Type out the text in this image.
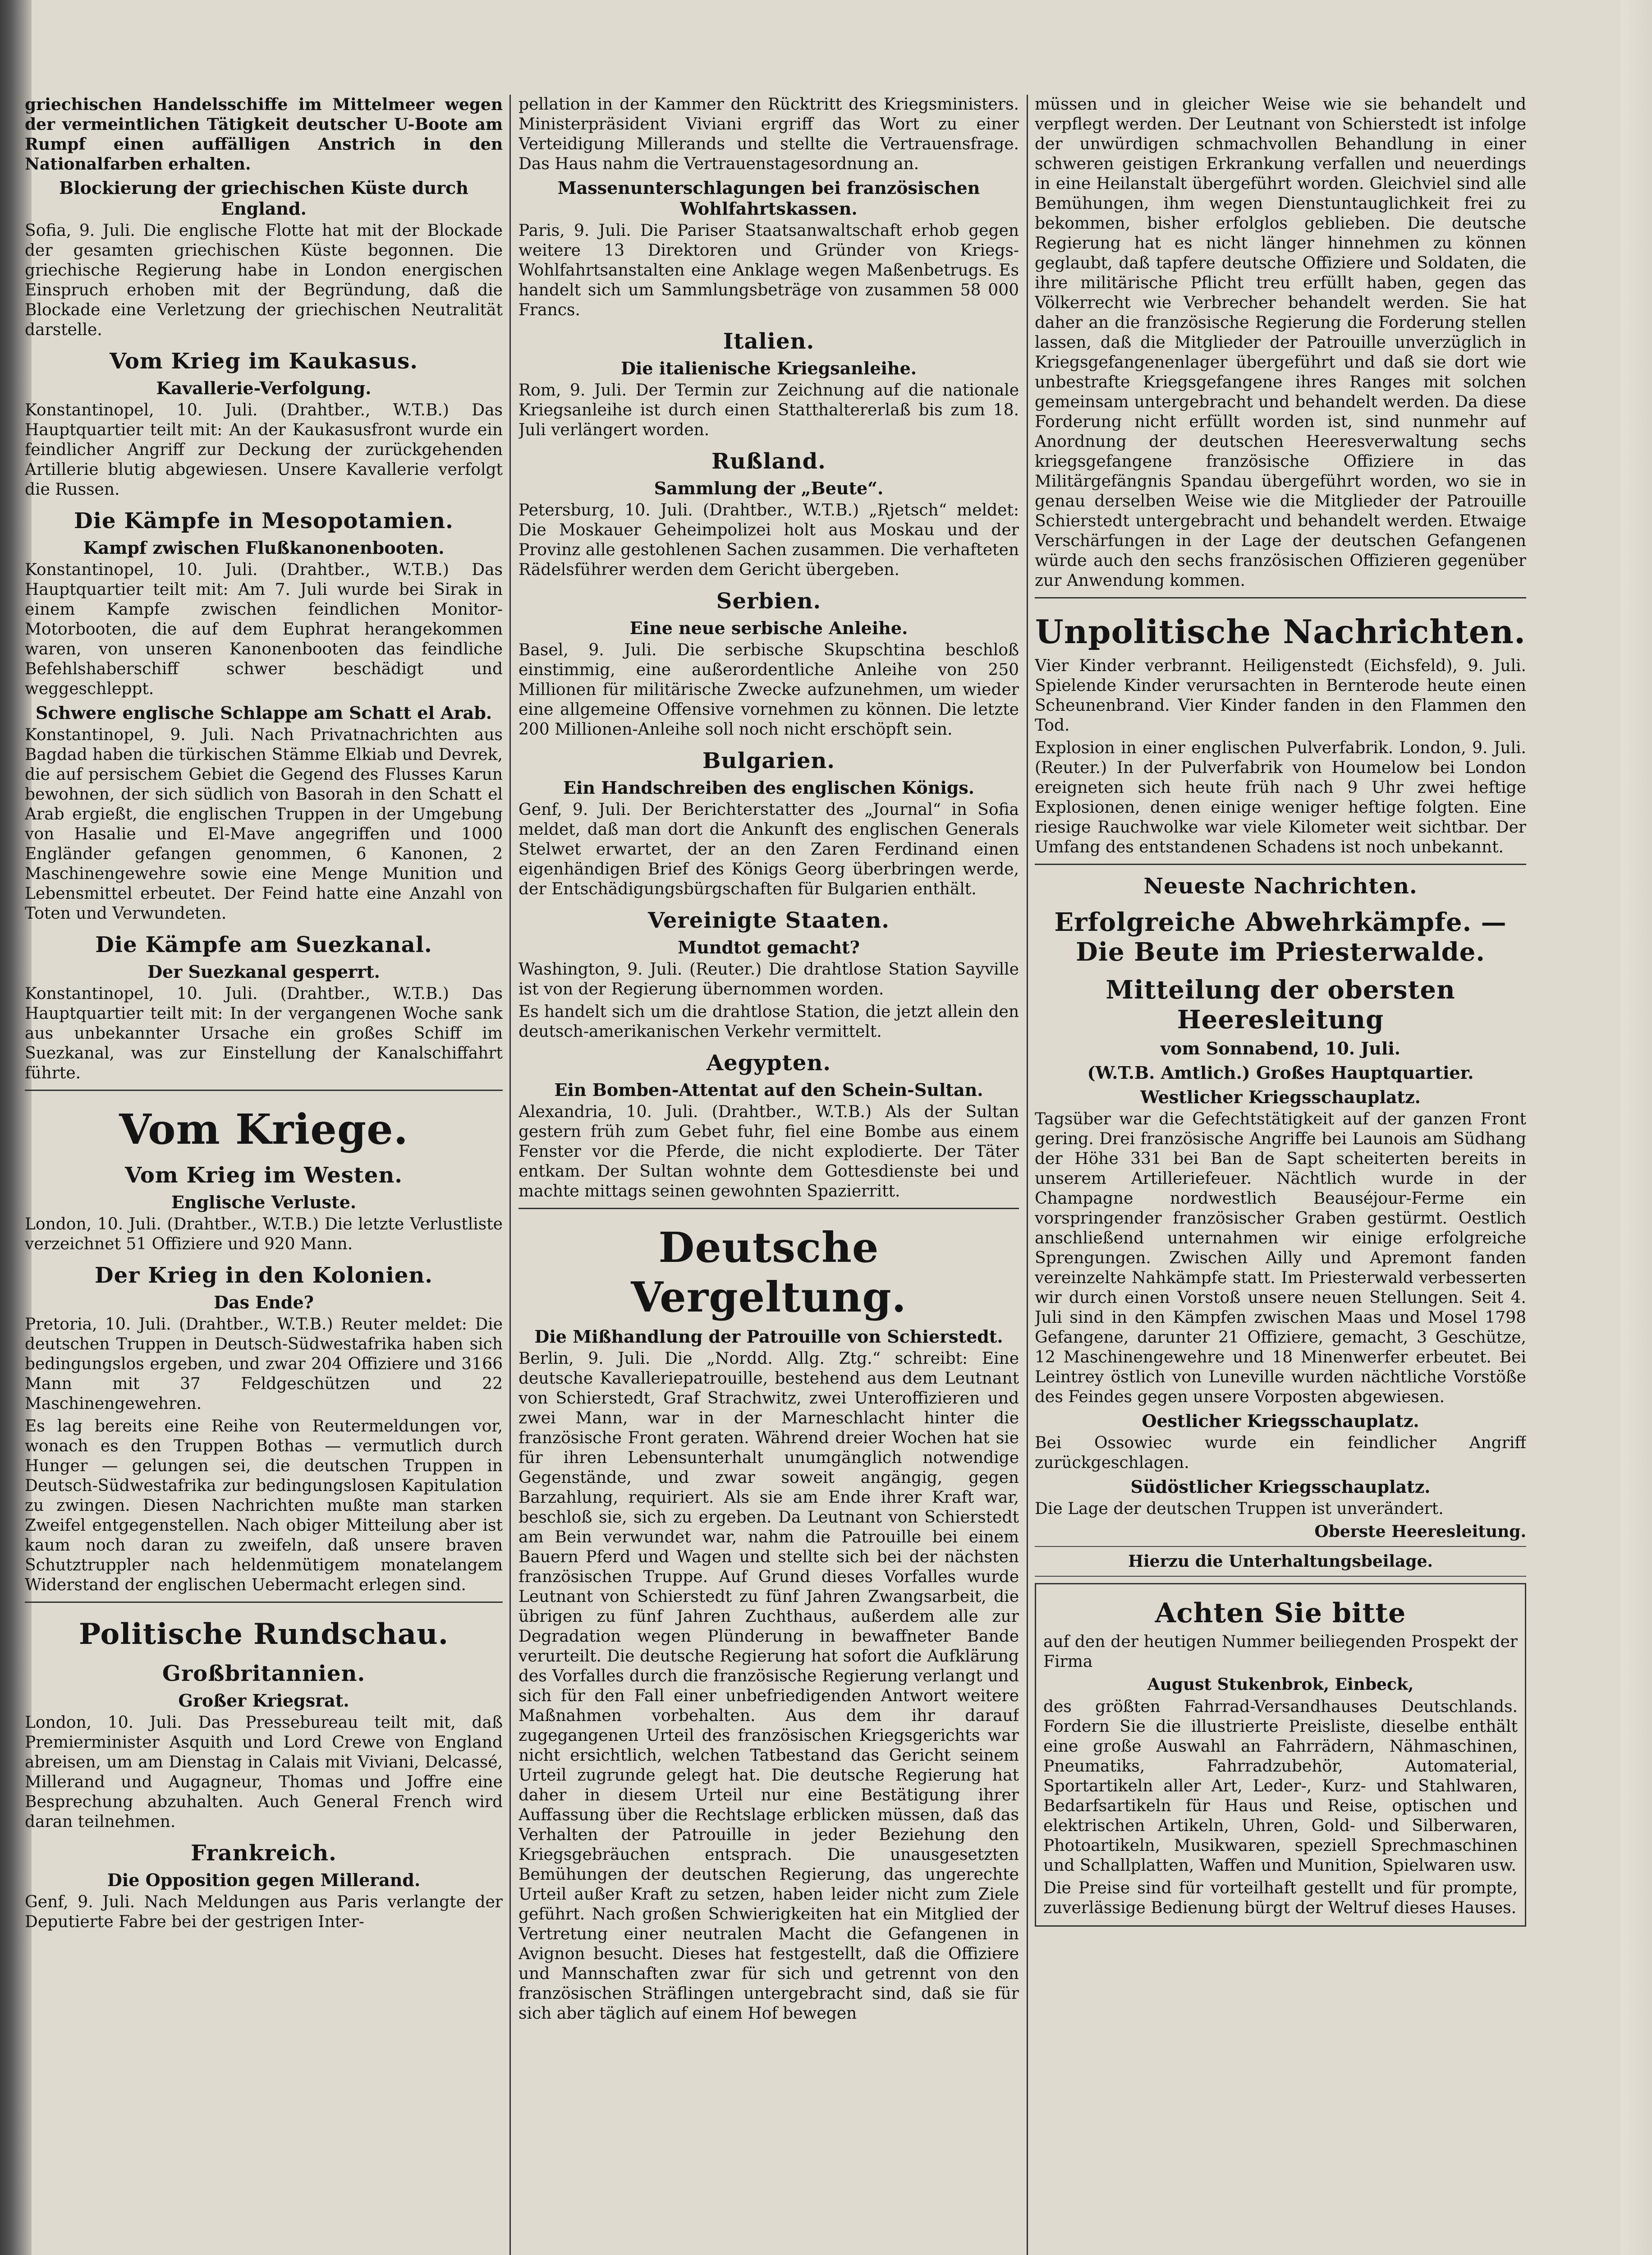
griechischen Handelsschiffe im Mittelmeer wegen der vermeintlichen Tätigkeit deutscher U-Boote am Rumpf einen auffälligen Anstrich in den Nationalfarben erhalten.

Blockierung der griechischen Küste durch England.

Sofia, 9. Juli. Die englische Flotte hat mit der Blockade der gesamten griechischen Küste begonnen. Die griechische Regierung habe in London energischen Einspruch erhoben mit der Begründung, daß die Blockade eine Verletzung der griechischen Neutralität darstelle.

Vom Krieg im Kaukasus.
Kavallerie-Verfolgung.

Konstantinopel, 10. Juli. (Drahtber., W.T.B.) Das Hauptquartier teilt mit: An der Kaukasusfront wurde ein feindlicher Angriff zur Deckung der zurückgehenden Artillerie blutig abgewiesen. Unsere Kavallerie verfolgt die Russen.

Die Kämpfe in Mesopotamien.
Kampf zwischen Flußkanonenbooten.

Konstantinopel, 10. Juli. (Drahtber., W.T.B.) Das Hauptquartier teilt mit: Am 7. Juli wurde bei Sirak in einem Kampfe zwischen feindlichen Monitor-Motorbooten, die auf dem Euphrat herangekommen waren, von unseren Kanonenbooten das feindliche Befehlshaberschiff schwer beschädigt und weggeschleppt.

Schwere englische Schlappe am Schatt el Arab.

Konstantinopel, 9. Juli. Nach Privatnachrichten aus Bagdad haben die türkischen Stämme Elkiab und Devrek, die auf persischem Gebiet die Gegend des Flusses Karun bewohnen, der sich südlich von Basorah in den Schatt el Arab ergießt, die englischen Truppen in der Umgebung von Hasalie und El-Mave angegriffen und 1000 Engländer gefangen genommen, 6 Kanonen, 2 Maschinengewehre sowie eine Menge Munition und Lebensmittel erbeutet. Der Feind hatte eine Anzahl von Toten und Verwundeten.

Die Kämpfe am Suezkanal.
Der Suezkanal gesperrt.

Konstantinopel, 10. Juli. (Drahtber., W.T.B.) Das Hauptquartier teilt mit: In der vergangenen Woche sank aus unbekannter Ursache ein großes Schiff im Suezkanal, was zur Einstellung der Kanalschiffahrt führte.

Vom Kriege.
Vom Krieg im Westen.
Englische Verluste.

London, 10. Juli. (Drahtber., W.T.B.) Die letzte Verlustliste verzeichnet 51 Offiziere und 920 Mann.

Der Krieg in den Kolonien.
Das Ende?

Pretoria, 10. Juli. (Drahtber., W.T.B.) Reuter meldet: Die deutschen Truppen in Deutsch-Südwestafrika haben sich bedingungslos ergeben, und zwar 204 Offiziere und 3166 Mann mit 37 Feldgeschützen und 22 Maschinengewehren.

Es lag bereits eine Reihe von Reutermeldungen vor, wonach es den Truppen Bothas — vermutlich durch Hunger — gelungen sei, die deutschen Truppen in Deutsch-Südwestafrika zur bedingungslosen Kapitulation zu zwingen. Diesen Nachrichten mußte man starken Zweifel entgegenstellen. Nach obiger Mitteilung aber ist kaum noch daran zu zweifeln, daß unsere braven Schutztruppler nach heldenmütigem monatelangem Widerstand der englischen Uebermacht erlegen sind.

Politische Rundschau.
Großbritannien.
Großer Kriegsrat.

London, 10. Juli. Das Pressebureau teilt mit, daß Premierminister Asquith und Lord Crewe von England abreisen, um am Dienstag in Calais mit Viviani, Delcassé, Millerand und Augagneur, Thomas und Joffre eine Besprechung abzuhalten. Auch General French wird daran teilnehmen.

Frankreich.
Die Opposition gegen Millerand.

Genf, 9. Juli. Nach Meldungen aus Paris verlangte der Deputierte Fabre bei der gestrigen Inter-

pellation in der Kammer den Rücktritt des Kriegsministers. Ministerpräsident Viviani ergriff das Wort zu einer Verteidigung Millerands und stellte die Vertrauensfrage. Das Haus nahm die Vertrauenstagesordnung an.

Massenunterschlagungen bei französischen Wohlfahrtskassen.

Paris, 9. Juli. Die Pariser Staatsanwaltschaft erhob gegen weitere 13 Direktoren und Gründer von Kriegs-Wohlfahrtsanstalten eine Anklage wegen Maßenbetrugs. Es handelt sich um Sammlungsbeträge von zusammen 58 000 Francs.

Italien.
Die italienische Kriegsanleihe.

Rom, 9. Juli. Der Termin zur Zeichnung auf die nationale Kriegsanleihe ist durch einen Statthaltererlaß bis zum 18. Juli verlängert worden.

Rußland.
Sammlung der „Beute“.

Petersburg, 10. Juli. (Drahtber., W.T.B.) „Rjetsch“ meldet: Die Moskauer Geheimpolizei holt aus Moskau und der Provinz alle gestohlenen Sachen zusammen. Die verhafteten Rädelsführer werden dem Gericht übergeben.

Serbien.
Eine neue serbische Anleihe.

Basel, 9. Juli. Die serbische Skupschtina beschloß einstimmig, eine außerordentliche Anleihe von 250 Millionen für militärische Zwecke aufzunehmen, um wieder eine allgemeine Offensive vornehmen zu können. Die letzte 200 Millionen-Anleihe soll noch nicht erschöpft sein.

Bulgarien.
Ein Handschreiben des englischen Königs.

Genf, 9. Juli. Der Berichterstatter des „Journal“ in Sofia meldet, daß man dort die Ankunft des englischen Generals Stelwet erwartet, der an den Zaren Ferdinand einen eigenhändigen Brief des Königs Georg überbringen werde, der Entschädigungsbürgschaften für Bulgarien enthält.

Vereinigte Staaten.
Mundtot gemacht?

Washington, 9. Juli. (Reuter.) Die drahtlose Station Sayville ist von der Regierung übernommen worden.

Es handelt sich um die drahtlose Station, die jetzt allein den deutsch-amerikanischen Verkehr vermittelt.

Aegypten.
Ein Bomben-Attentat auf den Schein-Sultan.

Alexandria, 10. Juli. (Drahtber., W.T.B.) Als der Sultan gestern früh zum Gebet fuhr, fiel eine Bombe aus einem Fenster vor die Pferde, die nicht explodierte. Der Täter entkam. Der Sultan wohnte dem Gottesdienste bei und machte mittags seinen gewohnten Spazierritt.

Deutsche Vergeltung.
Die Mißhandlung der Patrouille von Schierstedt.

Berlin, 9. Juli. Die „Nordd. Allg. Ztg.“ schreibt: Eine deutsche Kavalleriepatrouille, bestehend aus dem Leutnant von Schierstedt, Graf Strachwitz, zwei Unteroffizieren und zwei Mann, war in der Marneschlacht hinter die französische Front geraten. Während dreier Wochen hat sie für ihren Lebensunterhalt unumgänglich notwendige Gegenstände, und zwar soweit angängig, gegen Barzahlung, requiriert. Als sie am Ende ihrer Kraft war, beschloß sie, sich zu ergeben. Da Leutnant von Schierstedt am Bein verwundet war, nahm die Patrouille bei einem Bauern Pferd und Wagen und stellte sich bei der nächsten französischen Truppe. Auf Grund dieses Vorfalles wurde Leutnant von Schierstedt zu fünf Jahren Zwangsarbeit, die übrigen zu fünf Jahren Zuchthaus, außerdem alle zur Degradation wegen Plünderung in bewaffneter Bande verurteilt. Die deutsche Regierung hat sofort die Aufklärung des Vorfalles durch die französische Regierung verlangt und sich für den Fall einer unbefriedigenden Antwort weitere Maßnahmen vorbehalten. Aus dem ihr darauf zugegangenen Urteil des französischen Kriegsgerichts war nicht ersichtlich, welchen Tatbestand das Gericht seinem Urteil zugrunde gelegt hat. Die deutsche Regierung hat daher in diesem Urteil nur eine Bestätigung ihrer Auffassung über die Rechtslage erblicken müssen, daß das Verhalten der Patrouille in jeder Beziehung den Kriegsgebräuchen entsprach. Die unausgesetzten Bemühungen der deutschen Regierung, das ungerechte Urteil außer Kraft zu setzen, haben leider nicht zum Ziele geführt. Nach großen Schwierigkeiten hat ein Mitglied der Vertretung einer neutralen Macht die Gefangenen in Avignon besucht. Dieses hat festgestellt, daß die Offiziere und Mannschaften zwar für sich und getrennt von den französischen Sträflingen untergebracht sind, daß sie für sich aber täglich auf einem Hof bewegen

müssen und in gleicher Weise wie sie behandelt und verpflegt werden. Der Leutnant von Schierstedt ist infolge der unwürdigen schmachvollen Behandlung in einer schweren geistigen Erkrankung verfallen und neuerdings in eine Heilanstalt übergeführt worden. Gleichviel sind alle Bemühungen, ihm wegen Dienstuntauglichkeit frei zu bekommen, bisher erfolglos geblieben. Die deutsche Regierung hat es nicht länger hinnehmen zu können geglaubt, daß tapfere deutsche Offiziere und Soldaten, die ihre militärische Pflicht treu erfüllt haben, gegen das Völkerrecht wie Verbrecher behandelt werden. Sie hat daher an die französische Regierung die Forderung stellen lassen, daß die Mitglieder der Patrouille unverzüglich in Kriegsgefangenenlager übergeführt und daß sie dort wie unbestrafte Kriegsgefangene ihres Ranges mit solchen gemeinsam untergebracht und behandelt werden. Da diese Forderung nicht erfüllt worden ist, sind nunmehr auf Anordnung der deutschen Heeresverwaltung sechs kriegsgefangene französische Offiziere in das Militärgefängnis Spandau übergeführt worden, wo sie in genau derselben Weise wie die Mitglieder der Patrouille Schierstedt untergebracht und behandelt werden. Etwaige Verschärfungen in der Lage der deutschen Gefangenen würde auch den sechs französischen Offizieren gegenüber zur Anwendung kommen.

Unpolitische Nachrichten.

Vier Kinder verbrannt. Heiligenstedt (Eichsfeld), 9. Juli. Spielende Kinder verursachten in Bernterode heute einen Scheunenbrand. Vier Kinder fanden in den Flammen den Tod.

Explosion in einer englischen Pulverfabrik. London, 9. Juli. (Reuter.) In der Pulverfabrik von Houmelow bei London ereigneten sich heute früh nach 9 Uhr zwei heftige Explosionen, denen einige weniger heftige folgten. Eine riesige Rauchwolke war viele Kilometer weit sichtbar. Der Umfang des entstandenen Schadens ist noch unbekannt.

Neueste Nachrichten.
Erfolgreiche Abwehrkämpfe. — Die Beute im Priesterwalde.
Mitteilung der obersten Heeresleitung
vom Sonnabend, 10. Juli.
(W.T.B. Amtlich.) Großes Hauptquartier.
Westlicher Kriegsschauplatz.

Tagsüber war die Gefechtstätigkeit auf der ganzen Front gering. Drei französische Angriffe bei Launois am Südhang der Höhe 331 bei Ban de Sapt scheiterten bereits in unserem Artilleriefeuer. Nächtlich wurde in der Champagne nordwestlich Beauséjour-Ferme ein vorspringender französischer Graben gestürmt. Oestlich anschließend unternahmen wir einige erfolgreiche Sprengungen. Zwischen Ailly und Apremont fanden vereinzelte Nahkämpfe statt. Im Priesterwald verbesserten wir durch einen Vorstoß unsere neuen Stellungen. Seit 4. Juli sind in den Kämpfen zwischen Maas und Mosel 1798 Gefangene, darunter 21 Offiziere, gemacht, 3 Geschütze, 12 Maschinengewehre und 18 Minenwerfer erbeutet. Bei Leintrey östlich von Luneville wurden nächtliche Vorstöße des Feindes gegen unsere Vorposten abgewiesen.

Oestlicher Kriegsschauplatz.

Bei Ossowiec wurde ein feindlicher Angriff zurückgeschlagen.

Südöstlicher Kriegsschauplatz.

Die Lage der deutschen Truppen ist unverändert.

Oberste Heeresleitung.

Hierzu die Unterhaltungsbeilage.

Achten Sie bitte

auf den der heutigen Nummer beiliegenden Prospekt der Firma

August Stukenbrok, Einbeck,

des größten Fahrrad-Versandhauses Deutschlands. Fordern Sie die illustrierte Preisliste, dieselbe enthält eine große Auswahl an Fahrrädern, Nähmaschinen, Pneumatiks, Fahrradzubehör, Automaterial, Sportartikeln aller Art, Leder-, Kurz- und Stahlwaren, Bedarfsartikeln für Haus und Reise, optischen und elektrischen Artikeln, Uhren, Gold- und Silberwaren, Photoartikeln, Musikwaren, speziell Sprechmaschinen und Schallplatten, Waffen und Munition, Spielwaren usw.

Die Preise sind für vorteilhaft gestellt und für prompte, zuverlässige Bedienung bürgt der Weltruf dieses Hauses.
